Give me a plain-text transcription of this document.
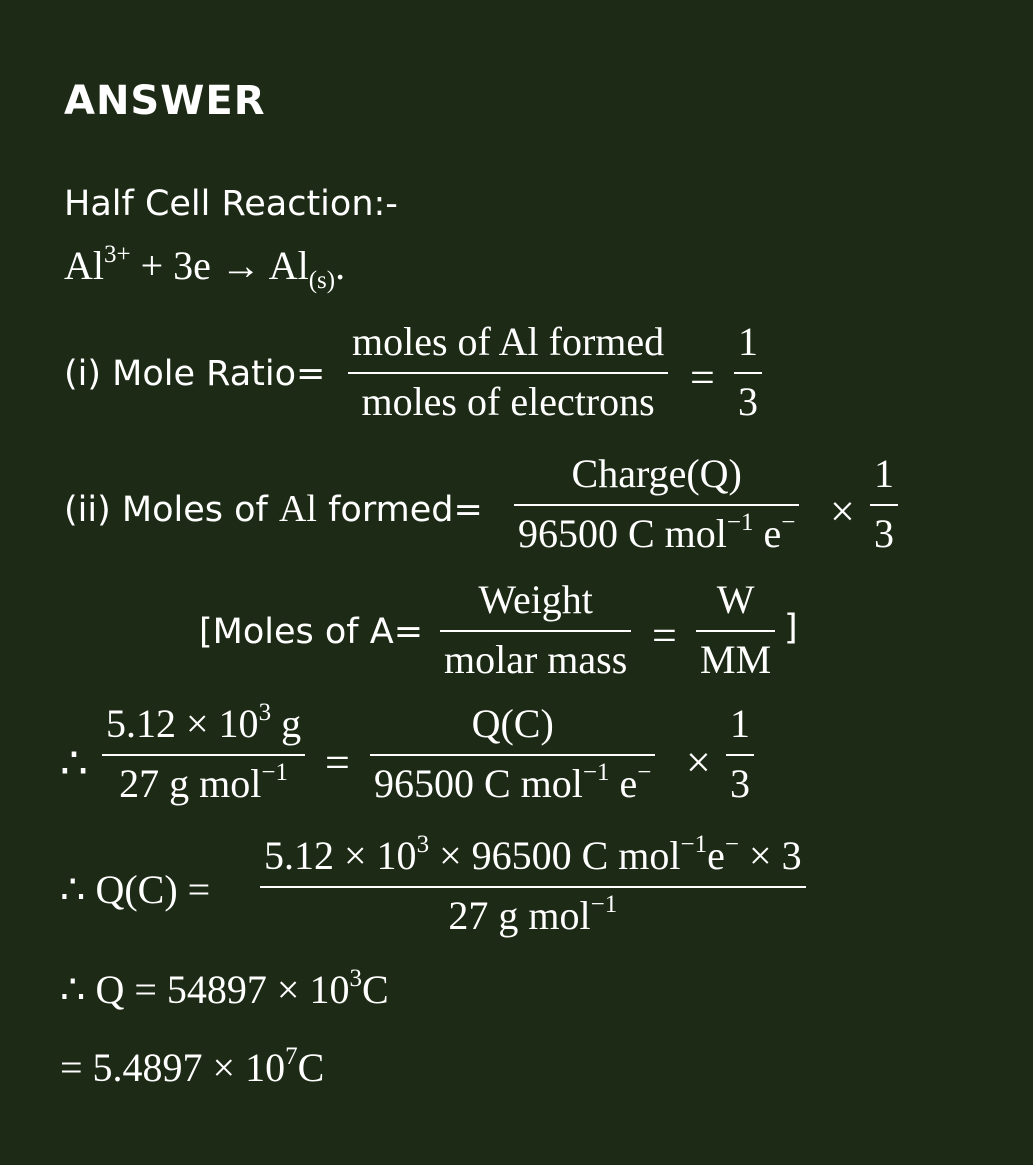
ANSWER
Half Cell Reaction:-
$Al^{3+} + 3e \to Al_{(s)}$.
(i) Mole Ratio=
moles of Al formed
moles of electrons =
1
3
(ii) Moles of Al formed=
Charge(Q)
96500 C mol$^{-1}$ e− ×
1
3
[Moles of A=
Weight
molar mass =
W
MM
]
∴
$5.12 \times 10^3$ g
27 g mol$^{-1}$ =
Q(C)
96500 C mol$^{-1}$ e− ×
1
3
∴ Q(C) =
$5.12 \times 10^3 \times 96500$ C mol$^{-1}$e− × 3
27 g mol$^{-1}$
∴ $Q = 54897 \times 10^3C$
= $5.4897 \times 10^7C$
